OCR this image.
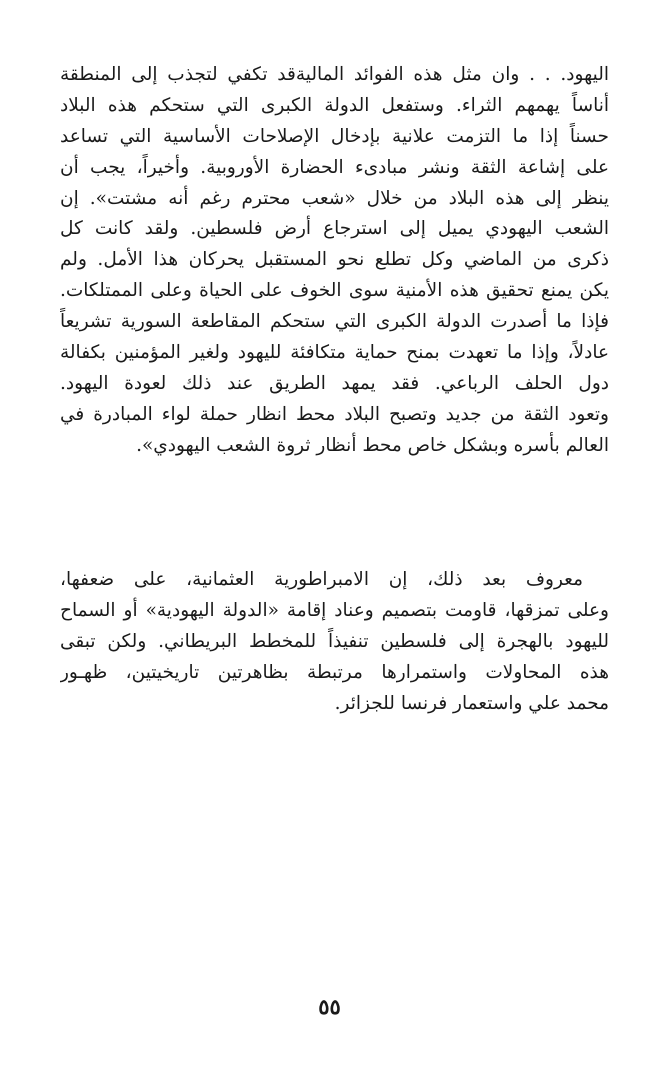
اليهود. . . وان مثل هذه الفوائد الماليةقد تكفي لتجذب إلى المنطقة
أناساً يهمهم الثراء. وستفعل الدولة الكبرى التي ستحكم هذه البلاد
حسناً إذا ما التزمت علانية بإدخال الإصلاحات الأساسية التي تساعد
على إشاعة الثقة ونشر مبادىء الحضارة الأوروبية. وأخيراً، يجب أن
ينظر إلى هذه البلاد من خلال «شعب محترم رغم أنه مشتت». إن
الشعب اليهودي يميل إلى استرجاع أرض فلسطين. ولقد كانت كل
ذكرى من الماضي وكل تطلع نحو المستقبل يحركان هذا الأمل. ولم
يكن يمنع تحقيق هذه الأمنية سوى الخوف على الحياة وعلى الممتلكات.
فإذا ما أصدرت الدولة الكبرى التي ستحكم المقاطعة السورية تشريعاً
عادلاً، وإذا ما تعهدت بمنح حماية متكافئة لليهود ولغير المؤمنين بكفالة
دول الحلف الرباعي. فقد يمهد الطريق عند ذلك لعودة اليهود.
وتعود الثقة من جديد وتصبح البلاد محط انظار حملة لواء المبادرة في
العالم بأسره وبشكل خاص محط أنظار ثروة الشعب اليهودي».
معروف بعد ذلك، إن الامبراطورية العثمانية، على ضعفها،
وعلى تمزقها، قاومت بتصميم وعناد إقامة «الدولة اليهودية» أو السماح
لليهود بالهجرة إلى فلسطين تنفيذاً للمخطط البريطاني. ولكن تبقى
هذه المحاولات واستمرارها مرتبطة بظاهرتين تاريخيتين، ظهـور
محمد علي واستعمار فرنسا للجزائر.
٥٥
